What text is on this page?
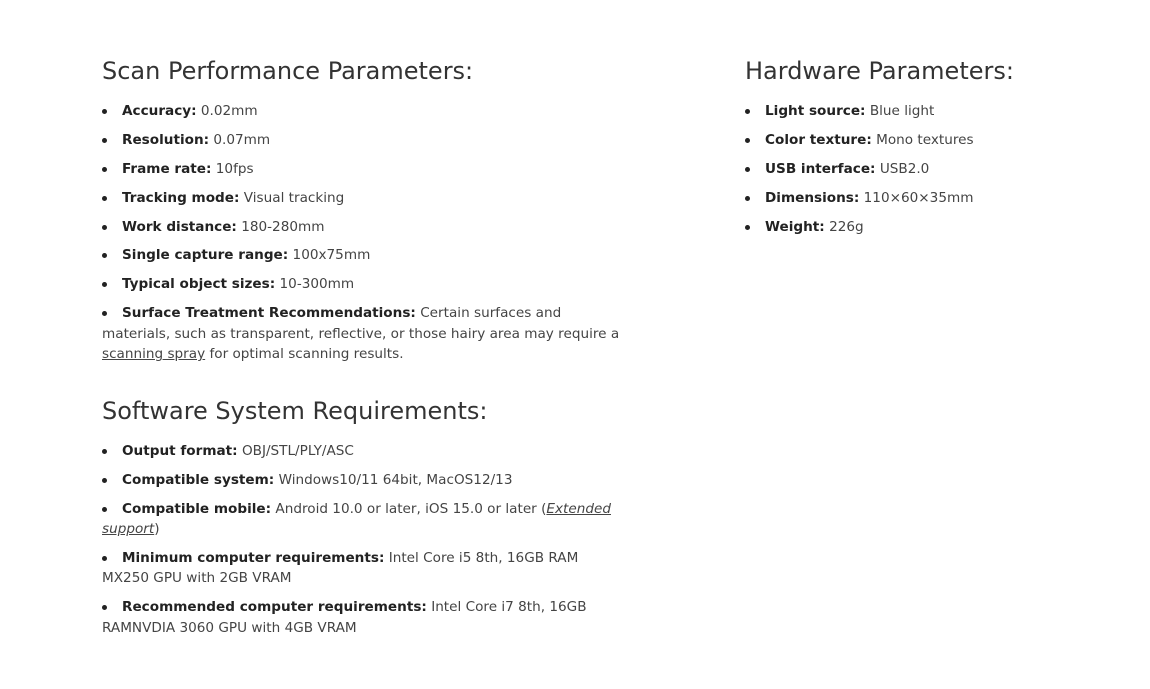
Scan Performance Parameters:
Accuracy: 0.02mm
Resolution: 0.07mm
Frame rate: 10fps
Tracking mode: Visual tracking
Work distance: 180-280mm
Single capture range: 100x75mm
Typical object sizes: 10-300mm
Surface Treatment Recommendations: Certain surfaces and materials, such as transparent, reflective, or those hairy area may require a scanning spray for optimal scanning results.
Software System Requirements:
Output format: OBJ/STL/PLY/ASC
Compatible system: Windows10/11 64bit, MacOS12/13
Compatible mobile: Android 10.0 or later, iOS 15.0 or later (Extended support)
Minimum computer requirements: Intel Core i5 8th, 16GB RAM MX250 GPU with 2GB VRAM
Recommended computer requirements: Intel Core i7 8th, 16GB RAMNVDIA 3060 GPU with 4GB VRAM
Hardware Parameters:
Light source: Blue light
Color texture: Mono textures
USB interface: USB2.0
Dimensions: 110×60×35mm
Weight: 226g
